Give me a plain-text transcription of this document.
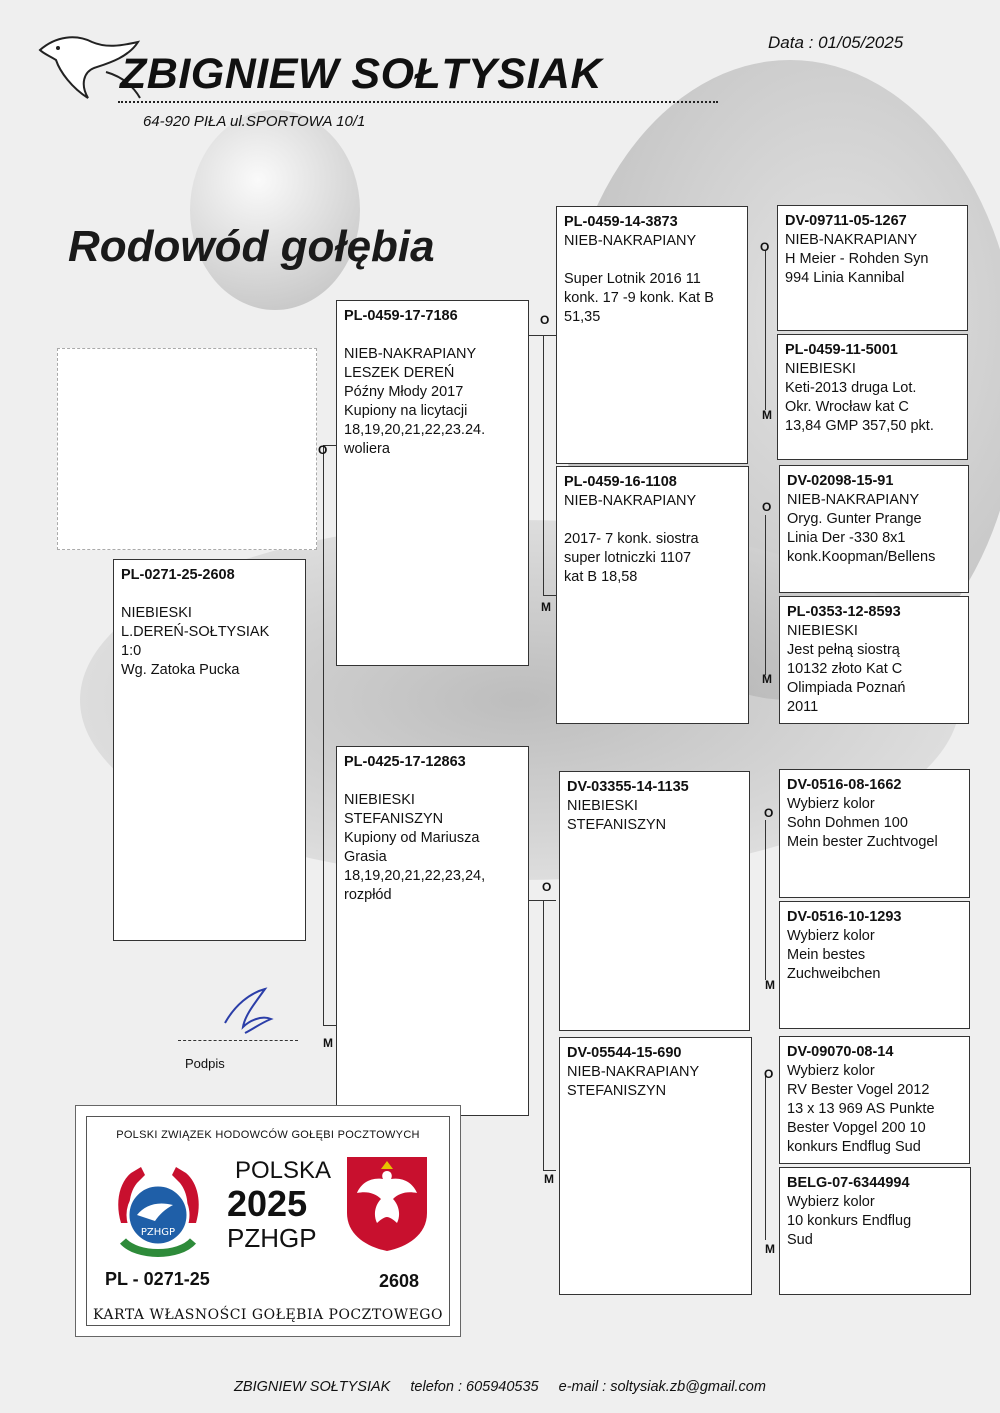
ZBIGNIEW SOŁTYSIAK
64-920 PIŁA ul.SPORTOWA 10/1
Data : 01/05/2025
Rodowód gołębia
O
M
O
M
O
M
O
M
O
M
O
M
O
M
PL-0271-25-2608
NIEBIESKI
L.DEREŃ-SOŁTYSIAK
1:0
Wg. Zatoka Pucka
PL-0459-17-7186
NIEB-NAKRAPIANY
LESZEK DEREŃ
Późny Młody 2017
Kupiony na licytacji
18,19,20,21,22,23.24.
woliera
PL-0425-17-12863
NIEBIESKI
STEFANISZYN
Kupiony od Mariusza
Grasia
18,19,20,21,22,23,24,
rozpłód
PL-0459-14-3873
NIEB-NAKRAPIANY
Super Lotnik 2016 11
konk. 17 -9 konk. Kat B
51,35
PL-0459-16-1108
NIEB-NAKRAPIANY
2017- 7 konk. siostra
super lotniczki 1107
kat B 18,58
DV-03355-14-1135
NIEBIESKI
STEFANISZYN
DV-05544-15-690
NIEB-NAKRAPIANY
STEFANISZYN
DV-09711-05-1267
NIEB-NAKRAPIANY
H Meier - Rohden Syn
994 Linia Kannibal
PL-0459-11-5001
NIEBIESKI
Keti-2013 druga Lot.
Okr. Wrocław kat C
13,84 GMP 357,50 pkt.
DV-02098-15-91
NIEB-NAKRAPIANY
Oryg. Gunter Prange
Linia Der -330 8x1
konk.Koopman/Bellens
PL-0353-12-8593
NIEBIESKI
Jest pełną siostrą
10132 złoto Kat C
Olimpiada Poznań
2011
DV-0516-08-1662
Wybierz kolor
Sohn Dohmen 100
Mein bester Zuchtvogel
DV-0516-10-1293
Wybierz kolor
Mein bestes
Zuchweibchen
DV-09070-08-14
Wybierz kolor
RV Bester Vogel 2012
13 x 13 969 AS Punkte
Bester Vopgel 200 10
konkurs Endflug Sud
BELG-07-6344994
Wybierz kolor
10 konkurs Endflug
Sud
Podpis
POLSKI ZWIĄZEK HODOWCÓW GOŁĘBI POCZTOWYCH
PZHGP
POLSKA
2025
PZHGP
PL - 0271-25	2608
KARTA WŁASNOŚCI GOŁĘBIA POCZTOWEGO
ZBIGNIEW SOŁTYSIAK telefon : 605940535 e-mail : soltysiak.zb@gmail.com
